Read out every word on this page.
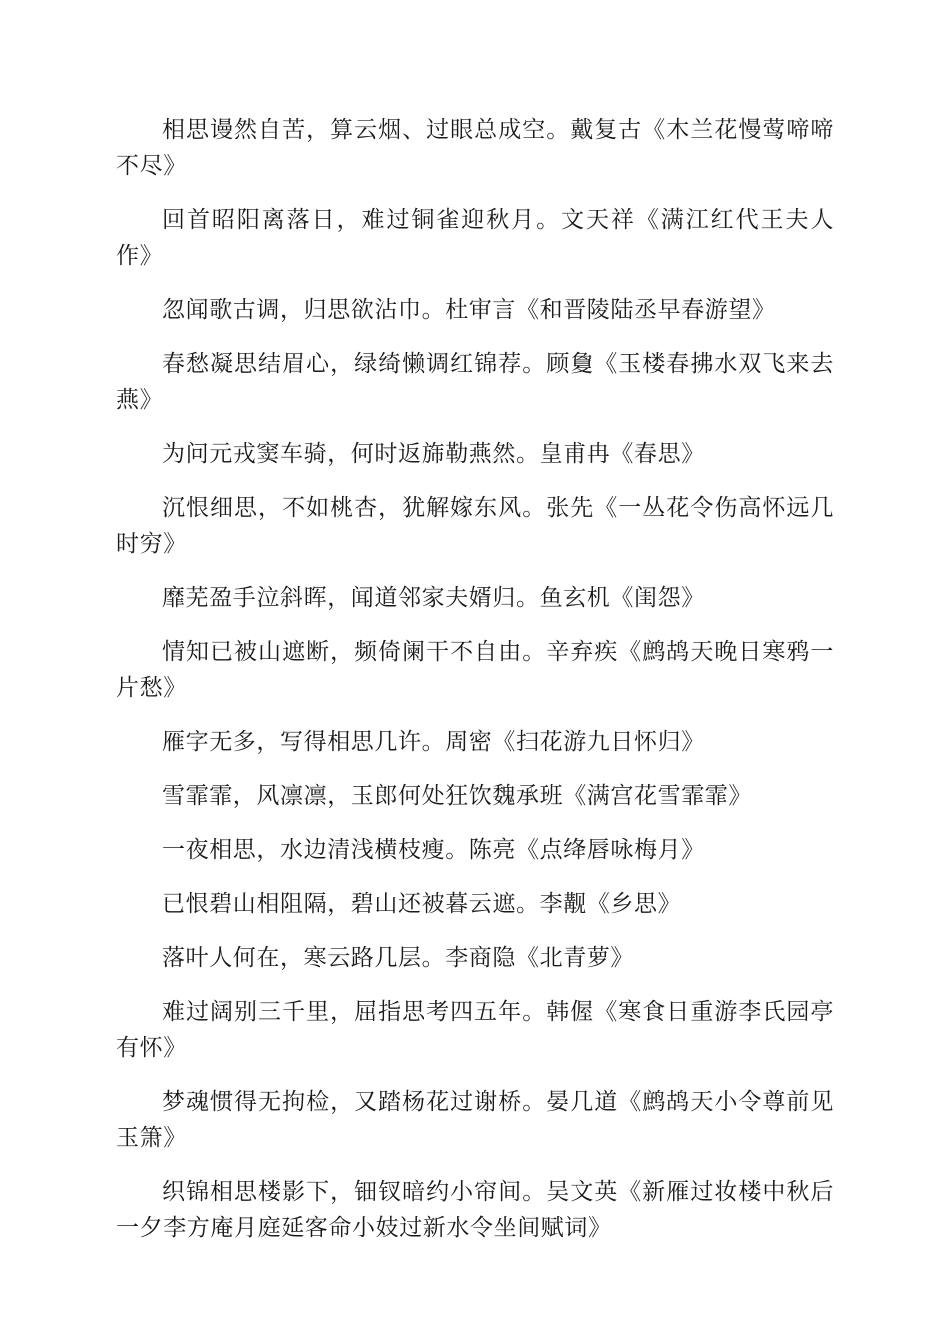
相思谩然自苦，算云烟、过眼总成空。戴复古《木兰花慢莺啼啼不尽》

回首昭阳离落日，难过铜雀迎秋月。文天祥《满江红代王夫人作》

忽闻歌古调，归思欲沾巾。杜审言《和晋陵陆丞早春游望》

春愁凝思结眉心，绿绮懒调红锦荐。顾敻《玉楼春拂水双飞来去燕》

为问元戎窦车骑，何时返旆勒燕然。皇甫冉《春思》

沉恨细思，不如桃杏，犹解嫁东风。张先《一丛花令伤高怀远几时穷》

靡芜盈手泣斜晖，闻道邻家夫婿归。鱼玄机《闺怨》

情知已被山遮断，频倚阑干不自由。辛弃疾《鹧鸪天晚日寒鸦一片愁》

雁字无多，写得相思几许。周密《扫花游九日怀归》

雪霏霏，风凛凛，玉郎何处狂饮魏承班《满宫花雪霏霏》

一夜相思，水边清浅横枝瘦。陈亮《点绛唇咏梅月》

已恨碧山相阻隔，碧山还被暮云遮。李觏《乡思》

落叶人何在，寒云路几层。李商隐《北青萝》

难过阔别三千里，屈指思考四五年。韩偓《寒食日重游李氏园亭有怀》

梦魂惯得无拘检，又踏杨花过谢桥。晏几道《鹧鸪天小令尊前见玉箫》

织锦相思楼影下，钿钗暗约小帘间。吴文英《新雁过妆楼中秋后一夕李方庵月庭延客命小妓过新水令坐间赋词》
